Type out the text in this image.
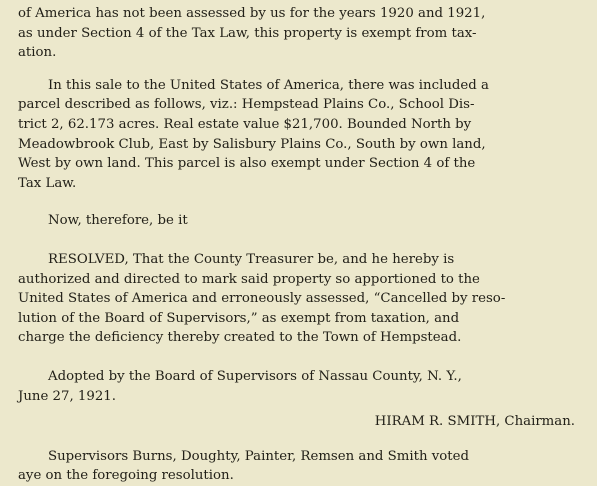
of America has not been assessed by us for the years 1920 and 1921,
as under Section 4 of the Tax Law, this property is exempt from tax-
ation.

In this sale to the United States of America, there was included a
parcel described as follows, viz.: Hempstead Plains Co., School Dis-
trict 2, 62.173 acres. Real estate value $21,700. Bounded North by
Meadowbrook Club, East by Salisbury Plains Co., South by own land,
West by own land. This parcel is also exempt under Section 4 of the
Tax Law.

Now, therefore, be it

RESOLVED, That the County Treasurer be, and he hereby is
authorized and directed to mark said property so apportioned to the
United States of America and erroneously assessed, “Cancelled by reso-
lution of the Board of Supervisors,” as exempt from taxation, and
charge the deficiency thereby created to the Town of Hempstead.

Adopted by the Board of Supervisors of Nassau County, N. Y.,
June 27, 1921.

HIRAM R. SMITH, Chairman.

Supervisors Burns, Doughty, Painter, Remsen and Smith voted
aye on the foregoing resolution.
